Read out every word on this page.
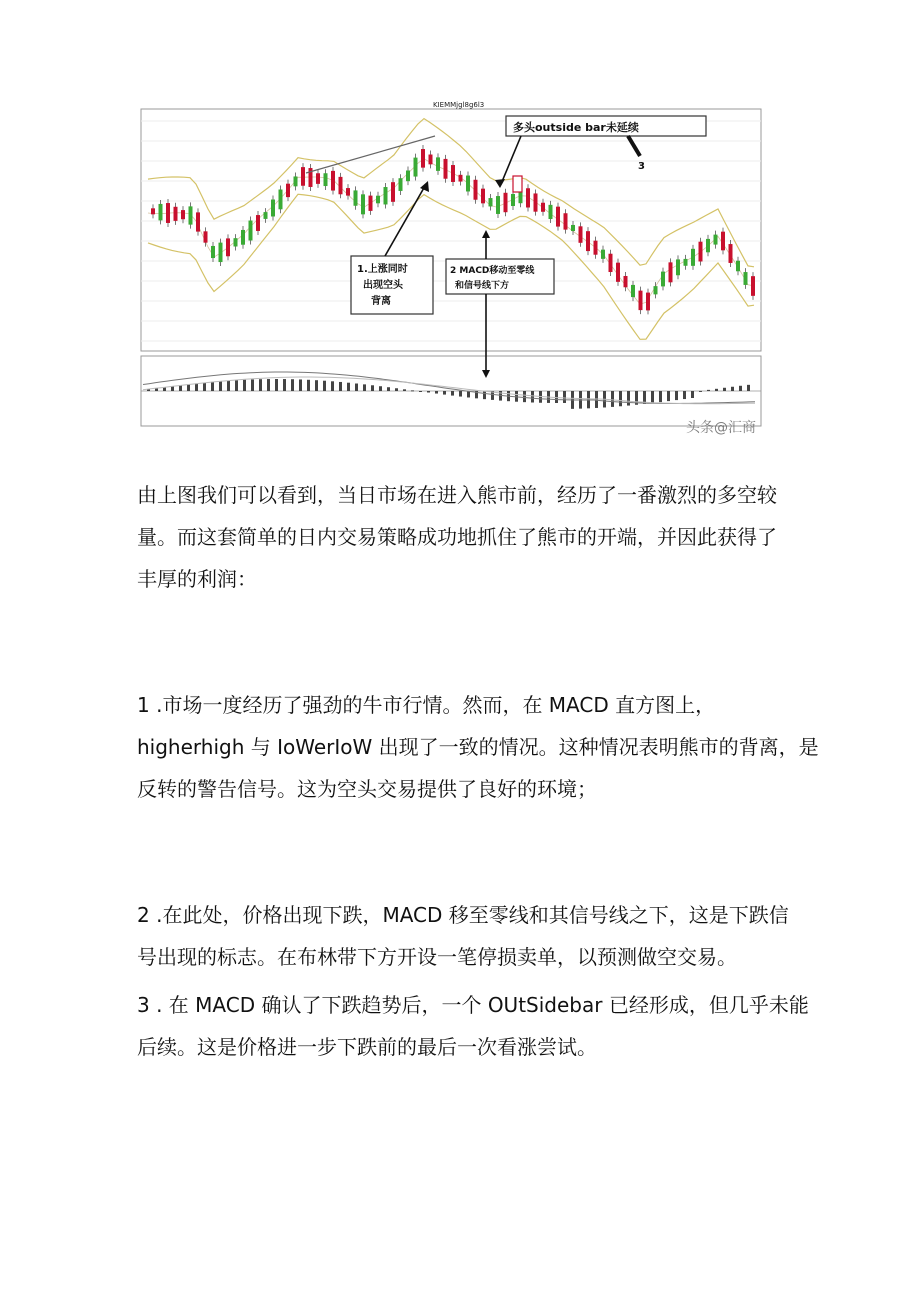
KIEMMjgl8g6l3
多头outside bar未延续
3
1.上涨同时 出现空头 背离
2 MACD移动至零线 和信号线下方
头条@汇商

由上图我们可以看到，当日市场在进入熊市前，经历了一番激烈的多空较
量。而这套简单的日内交易策略成功地抓住了熊市的开端，并因此获得了
丰厚的利润：

1 .市场一度经历了强劲的牛市行情。然而，在 MACD 直方图上，
higherhigh 与 IoWerIoW 出现了一致的情况。这种情况表明熊市的背离，是
反转的警告信号。这为空头交易提供了良好的环境；

2 .在此处，价格出现下跌，MACD 移至零线和其信号线之下，这是下跌信
号出现的标志。在布林带下方开设一笔停损卖单，以预测做空交易。

3 . 在 MACD 确认了下跌趋势后，一个 OUtSidebar 已经形成，但几乎未能
后续。这是价格进一步下跌前的最后一次看涨尝试。
